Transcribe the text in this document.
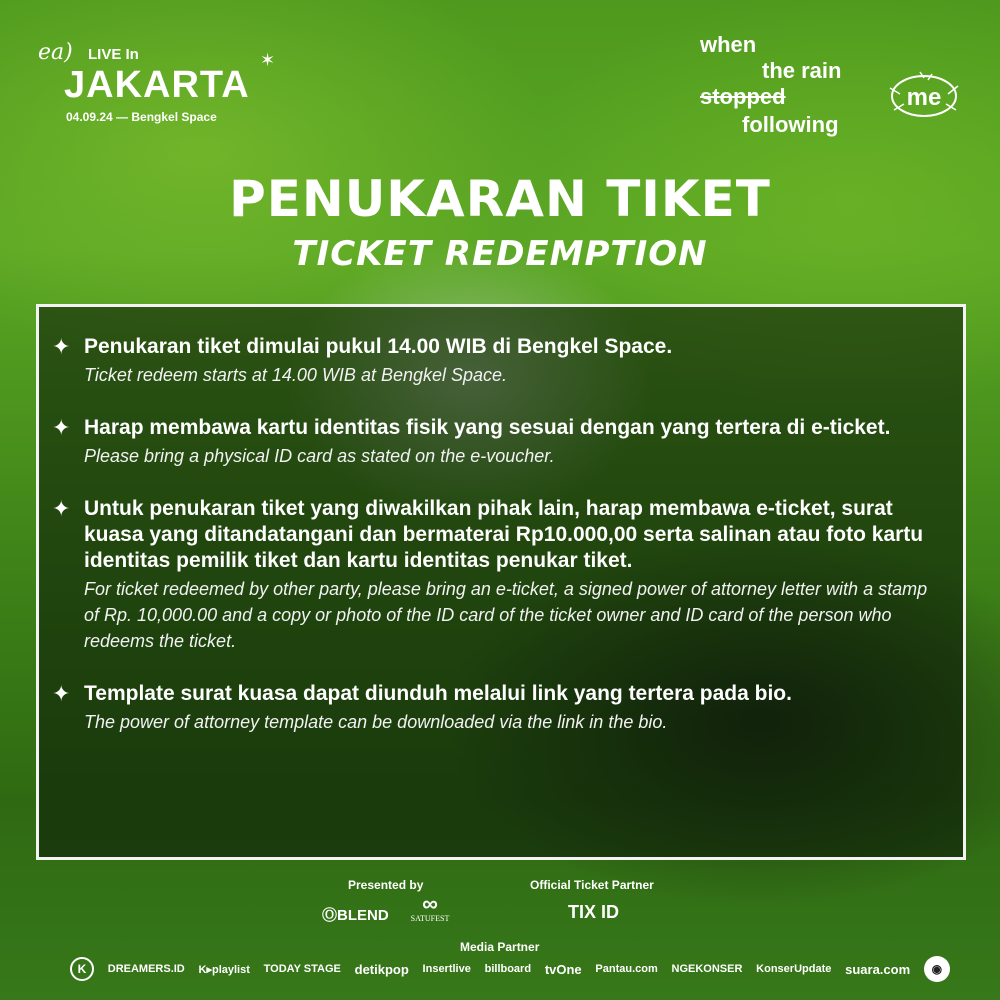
ea) LIVE In
JAKARTA
04.09.24 — Bengkel Space
✶
when
the rain
stopped
following
me
PENUKARAN TIKET
TICKET REDEMPTION
✦ Penukaran tiket dimulai pukul 14.00 WIB di Bengkel Space.
Ticket redeem starts at 14.00 WIB at Bengkel Space.
✦ Harap membawa kartu identitas fisik yang sesuai dengan yang tertera di e-ticket.
Please bring a physical ID card as stated on the e-voucher.
✦ Untuk penukaran tiket yang diwakilkan pihak lain, harap membawa e-ticket, surat kuasa yang ditandatangani dan bermaterai Rp10.000,00 serta salinan atau foto kartu identitas pemilik tiket dan kartu identitas penukar tiket.
For ticket redeemed by other party, please bring an e-ticket, a signed power of attorney letter with a stamp of Rp. 10,000.00 and a copy or photo of the ID card of the ticket owner and ID card of the person who redeems the ticket.
✦ Template surat kuasa dapat diunduh melalui link yang tertera pada bio.
The power of attorney template can be downloaded via the link in the bio.
Presented by	Official Ticket Partner
ⓄBLEND	∞
SATUFEST	TIX ID
Media Partner
K	DREAMERS.ID K▸playlist TODAY STAGE detikpop Insertlive billboard tvOne Pantau.com NGEKONSER KonserUpdate suara.com	◉
